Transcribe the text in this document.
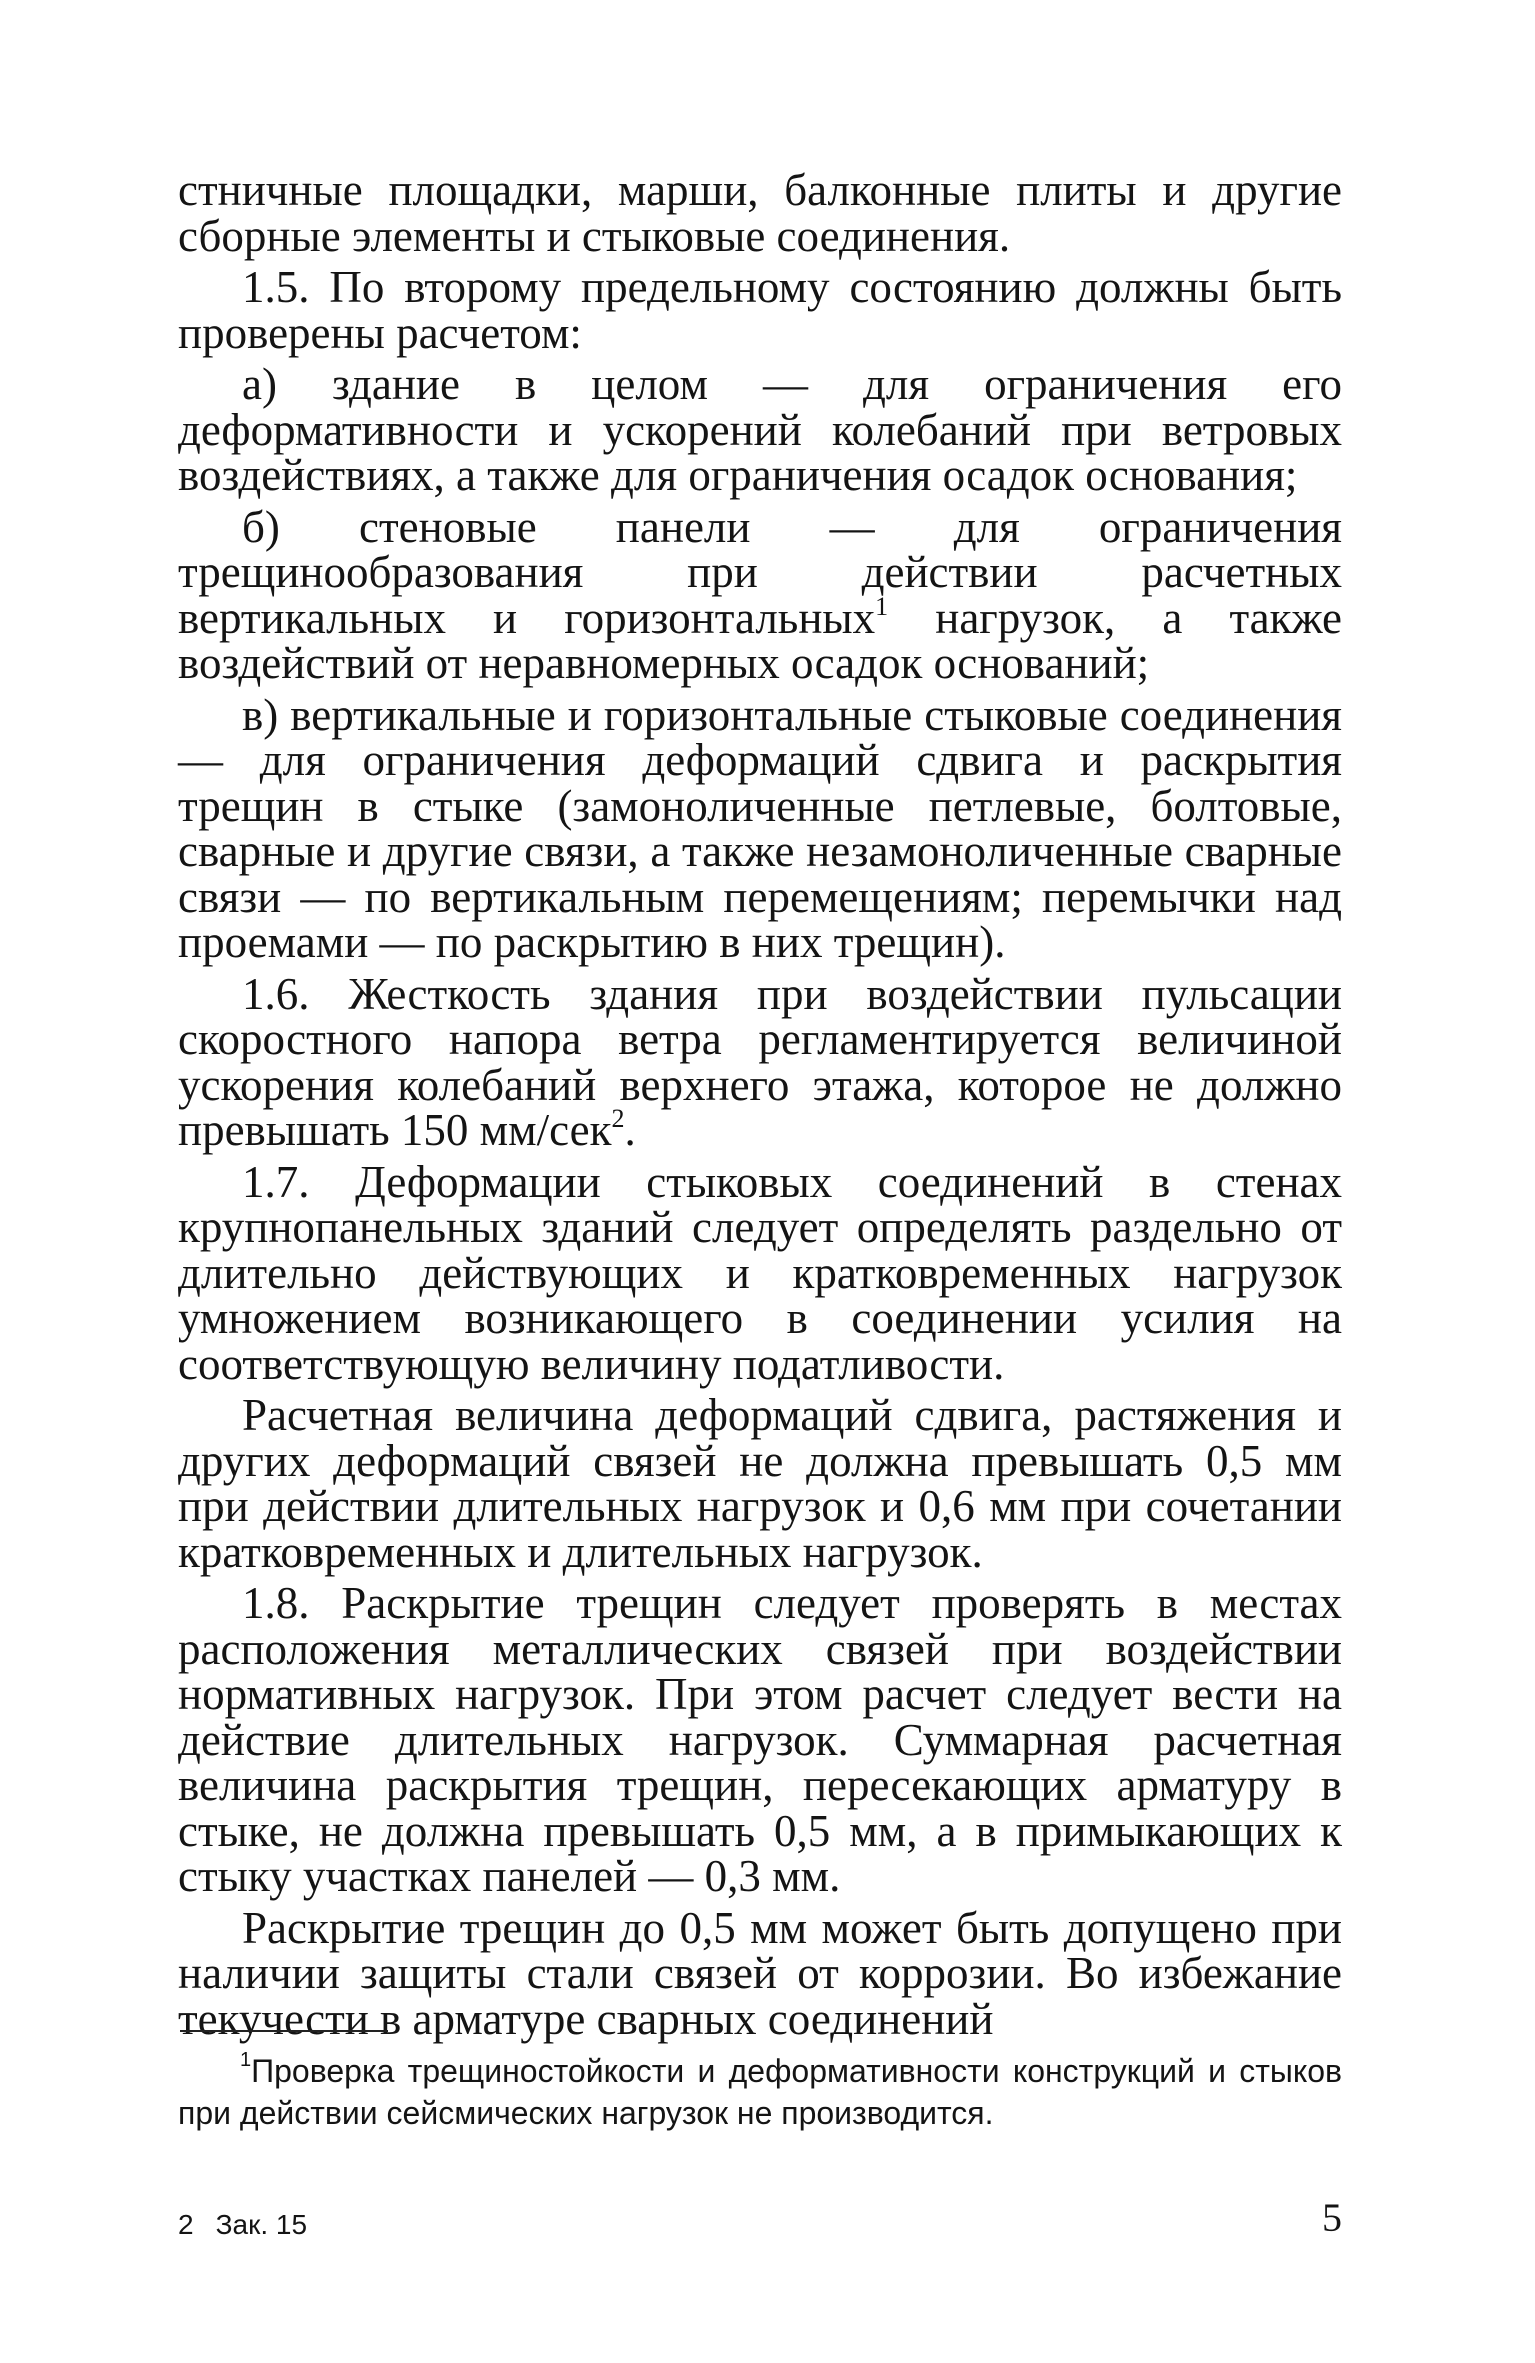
стничные площадки, марши, балконные плиты и другие сборные элементы и стыковые соединения.

1.5. По второму предельному состоянию должны быть проверены расчетом:

а) здание в целом — для ограничения его деформативности и ускорений колебаний при ветровых воздействиях, а также для ограничения осадок основания;

б) стеновые панели — для ограничения трещинообразования при действии расчетных вертикальных и горизонтальных$^1$ нагрузок, а также воздействий от неравномерных осадок оснований;

в) вертикальные и горизонтальные стыковые соединения — для ограничения деформаций сдвига и раскрытия трещин в стыке (замоноличенные петлевые, болтовые, сварные и другие связи, а также незамоноличенные сварные связи — по вертикальным перемещениям; перемычки над проемами — по раскрытию в них трещин).

1.6. Жесткость здания при воздействии пульсации скоростного напора ветра регламентируется величиной ускорения колебаний верхнего этажа, которое не должно превышать 150 мм/сек$^2$.

1.7. Деформации стыковых соединений в стенах крупнопанельных зданий следует определять раздельно от длительно действующих и кратковременных нагрузок умножением возникающего в соединении усилия на соответствующую величину податливости.

Расчетная величина деформаций сдвига, растяжения и других деформаций связей не должна превышать 0,5 мм при действии длительных нагрузок и 0,6 мм при сочетании кратковременных и длительных нагрузок.

1.8. Раскрытие трещин следует проверять в местах расположения металлических связей при воздействии нормативных нагрузок. При этом расчет следует вести на действие длительных нагрузок. Суммарная расчетная величина раскрытия трещин, пересекающих арматуру в стыке, не должна превышать 0,5 мм, а в примыкающих к стыку участках панелей — 0,3 мм.

Раскрытие трещин до 0,5 мм может быть допущено при наличии защиты стали связей от коррозии. Во избежание текучести в арматуре сварных соединений

$^1$Проверка трещиностойкости и деформативности конструкций и стыков при действии сейсмических нагрузок не производится.

2 Зак. 15	5
